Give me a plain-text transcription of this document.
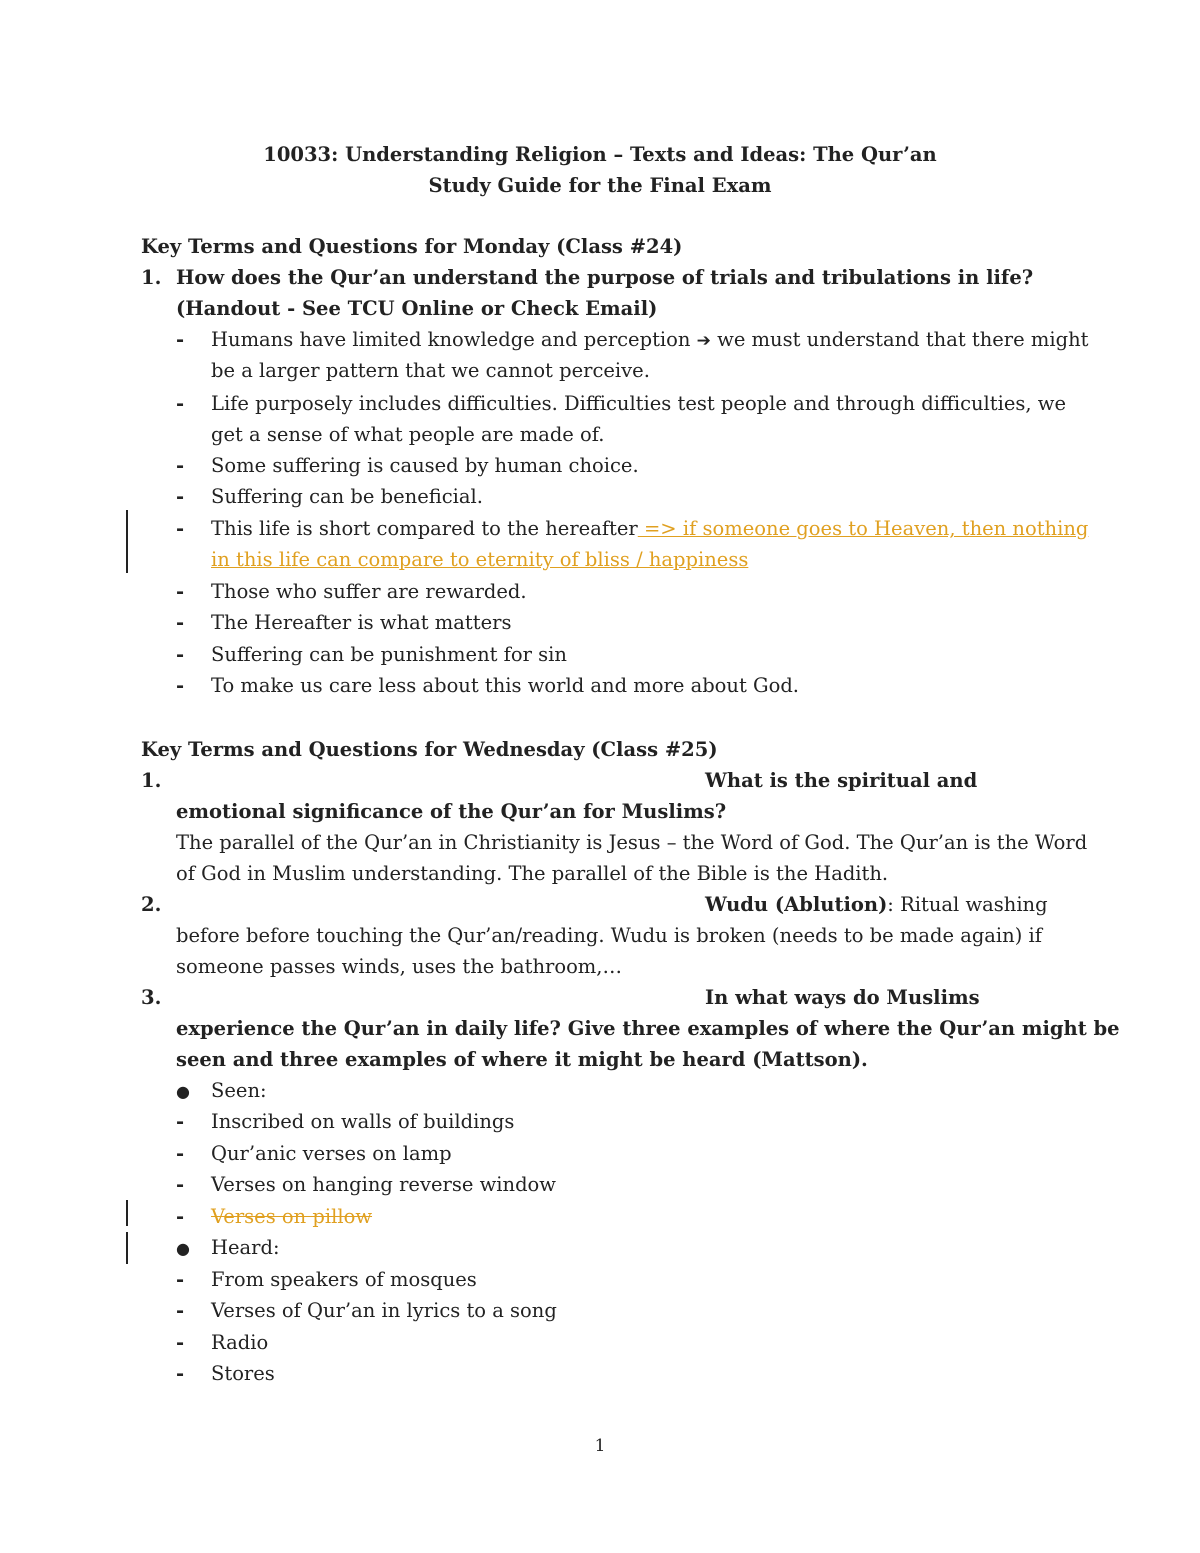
10033: Understanding Religion – Texts and Ideas: The Qur’an
Study Guide for the Final Exam
Key Terms and Questions for Monday (Class #24)
1. How does the Qur’an understand the purpose of trials and tribulations in life?
(Handout - See TCU Online or Check Email)
-	Humans have limited knowledge and perception ➔ we must understand that there might
be a larger pattern that we cannot perceive.
-	Life purposely includes difficulties. Difficulties test people and through difficulties, we
get a sense of what people are made of.
-	Some suffering is caused by human choice.
-	Suffering can be beneficial.
-	This life is short compared to the hereafter => if someone goes to Heaven, then nothing
in this life can compare to eternity of bliss / happiness
-	Those who suffer are rewarded.
-	The Hereafter is what matters
-	Suffering can be punishment for sin
-	To make us care less about this world and more about God.
Key Terms and Questions for Wednesday (Class #25)
1.	What is the spiritual and
emotional significance of the Qur’an for Muslims?
The parallel of the Qur’an in Christianity is Jesus – the Word of God. The Qur’an is the Word
of God in Muslim understanding. The parallel of the Bible is the Hadith.
2.	Wudu (Ablution): Ritual washing
before before touching the Qur’an/reading. Wudu is broken (needs to be made again) if
someone passes winds, uses the bathroom,…
3.	In what ways do Muslims
experience the Qur’an in daily life? Give three examples of where the Qur’an might be
seen and three examples of where it might be heard (Mattson).
● Seen:
-	Inscribed on walls of buildings
-	Qur’anic verses on lamp
-	Verses on hanging reverse window
-	Verses on pillow
● Heard:
-	From speakers of mosques
-	Verses of Qur’an in lyrics to a song
-	Radio
-	Stores
1
